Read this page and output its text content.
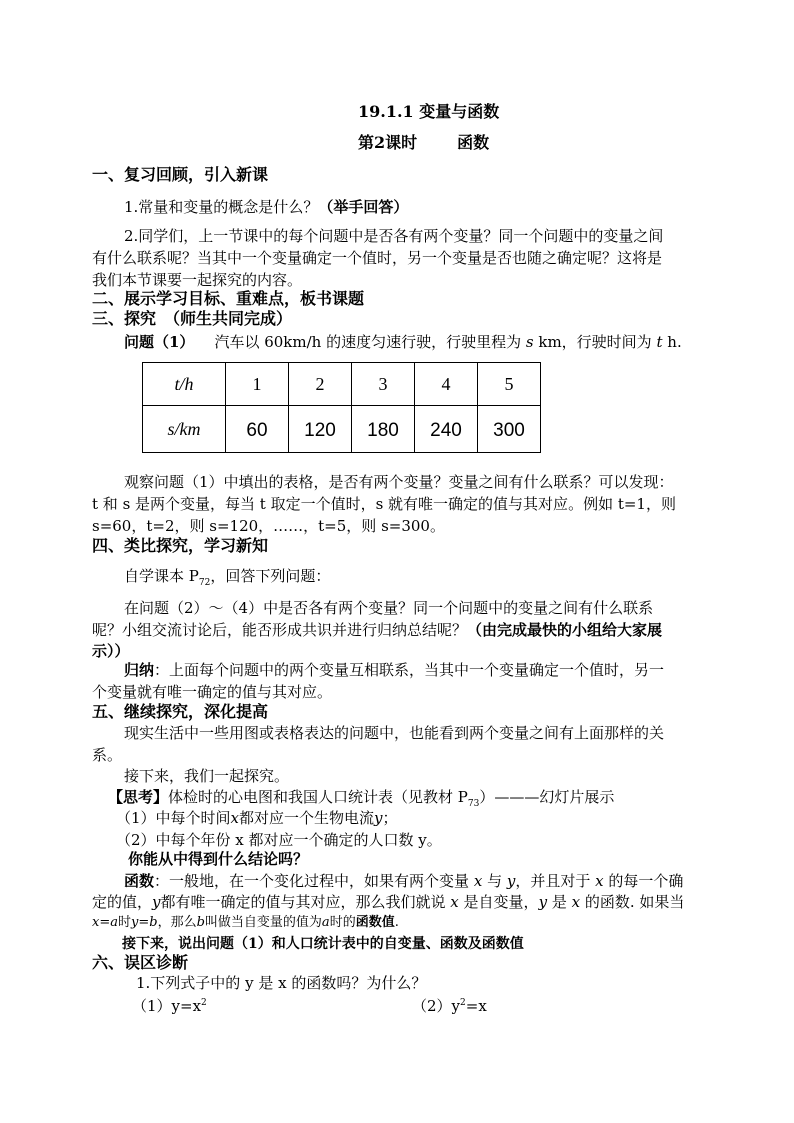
19.1.1 变量与函数
第2课时	函数
一、复习回顾，引入新课
1.常量和变量的概念是什么？（举手回答）
2.同学们，上一节课中的每个问题中是否各有两个变量？同一个问题中的变量之间
有什么联系呢？当其中一个变量确定一个值时，另一个变量是否也随之确定呢？这将是
我们本节课要一起探究的内容。
二、展示学习目标、重难点，板书课题
三、探究　（师生共同完成）
问题（1） 汽车以 60km/h 的速度匀速行驶，行驶里程为 s km，行驶时间为 t h.
t/h	1	2	3	4	5
s/km	60	120	180	240	300
观察问题（1）中填出的表格，是否有两个变量？变量之间有什么联系？可以发现：
t 和 s 是两个变量，每当 t 取定一个值时，s 就有唯一确定的值与其对应。例如 t=1，则
s=60，t=2，则 s=120，……，t=5，则 s=300。
四、类比探究，学习新知
自学课本 $P_{72}$，回答下列问题：
在问题（2）～（4）中是否各有两个变量？同一个问题中的变量之间有什么联系
呢？小组交流讨论后，能否形成共识并进行归纳总结呢？（由完成最快的小组给大家展
示））
归纳：上面每个问题中的两个变量互相联系，当其中一个变量确定一个值时，另一
个变量就有唯一确定的值与其对应。
五、继续探究，深化提高
现实生活中一些用图或表格表达的问题中，也能看到两个变量之间有上面那样的关
系。
接下来，我们一起探究。
【思考】体检时的心电图和我国人口统计表（见教材 $P_{73})———$幻灯片展示
（1）中每个时间x都对应一个生物电流y；
（2）中每个年份 x 都对应一个确定的人口数 y。
你能从中得到什么结论吗？
函数：一般地，在一个变化过程中，如果有两个变量 x 与 y，并且对于 x 的每一个确
定的值，y都有唯一确定的值与其对应，那么我们就说 x 是自变量，y 是 x 的函数. 如果当
x=a时y=b，那么b叫做当自变量的值为a时的函数值.
接下来，说出问题（1）和人口统计表中的自变量、函数及函数值
六、误区诊断
1.下列式子中的 y 是 x 的函数吗？为什么？
$(1)y=x^2$	$(2)y^2=x$
